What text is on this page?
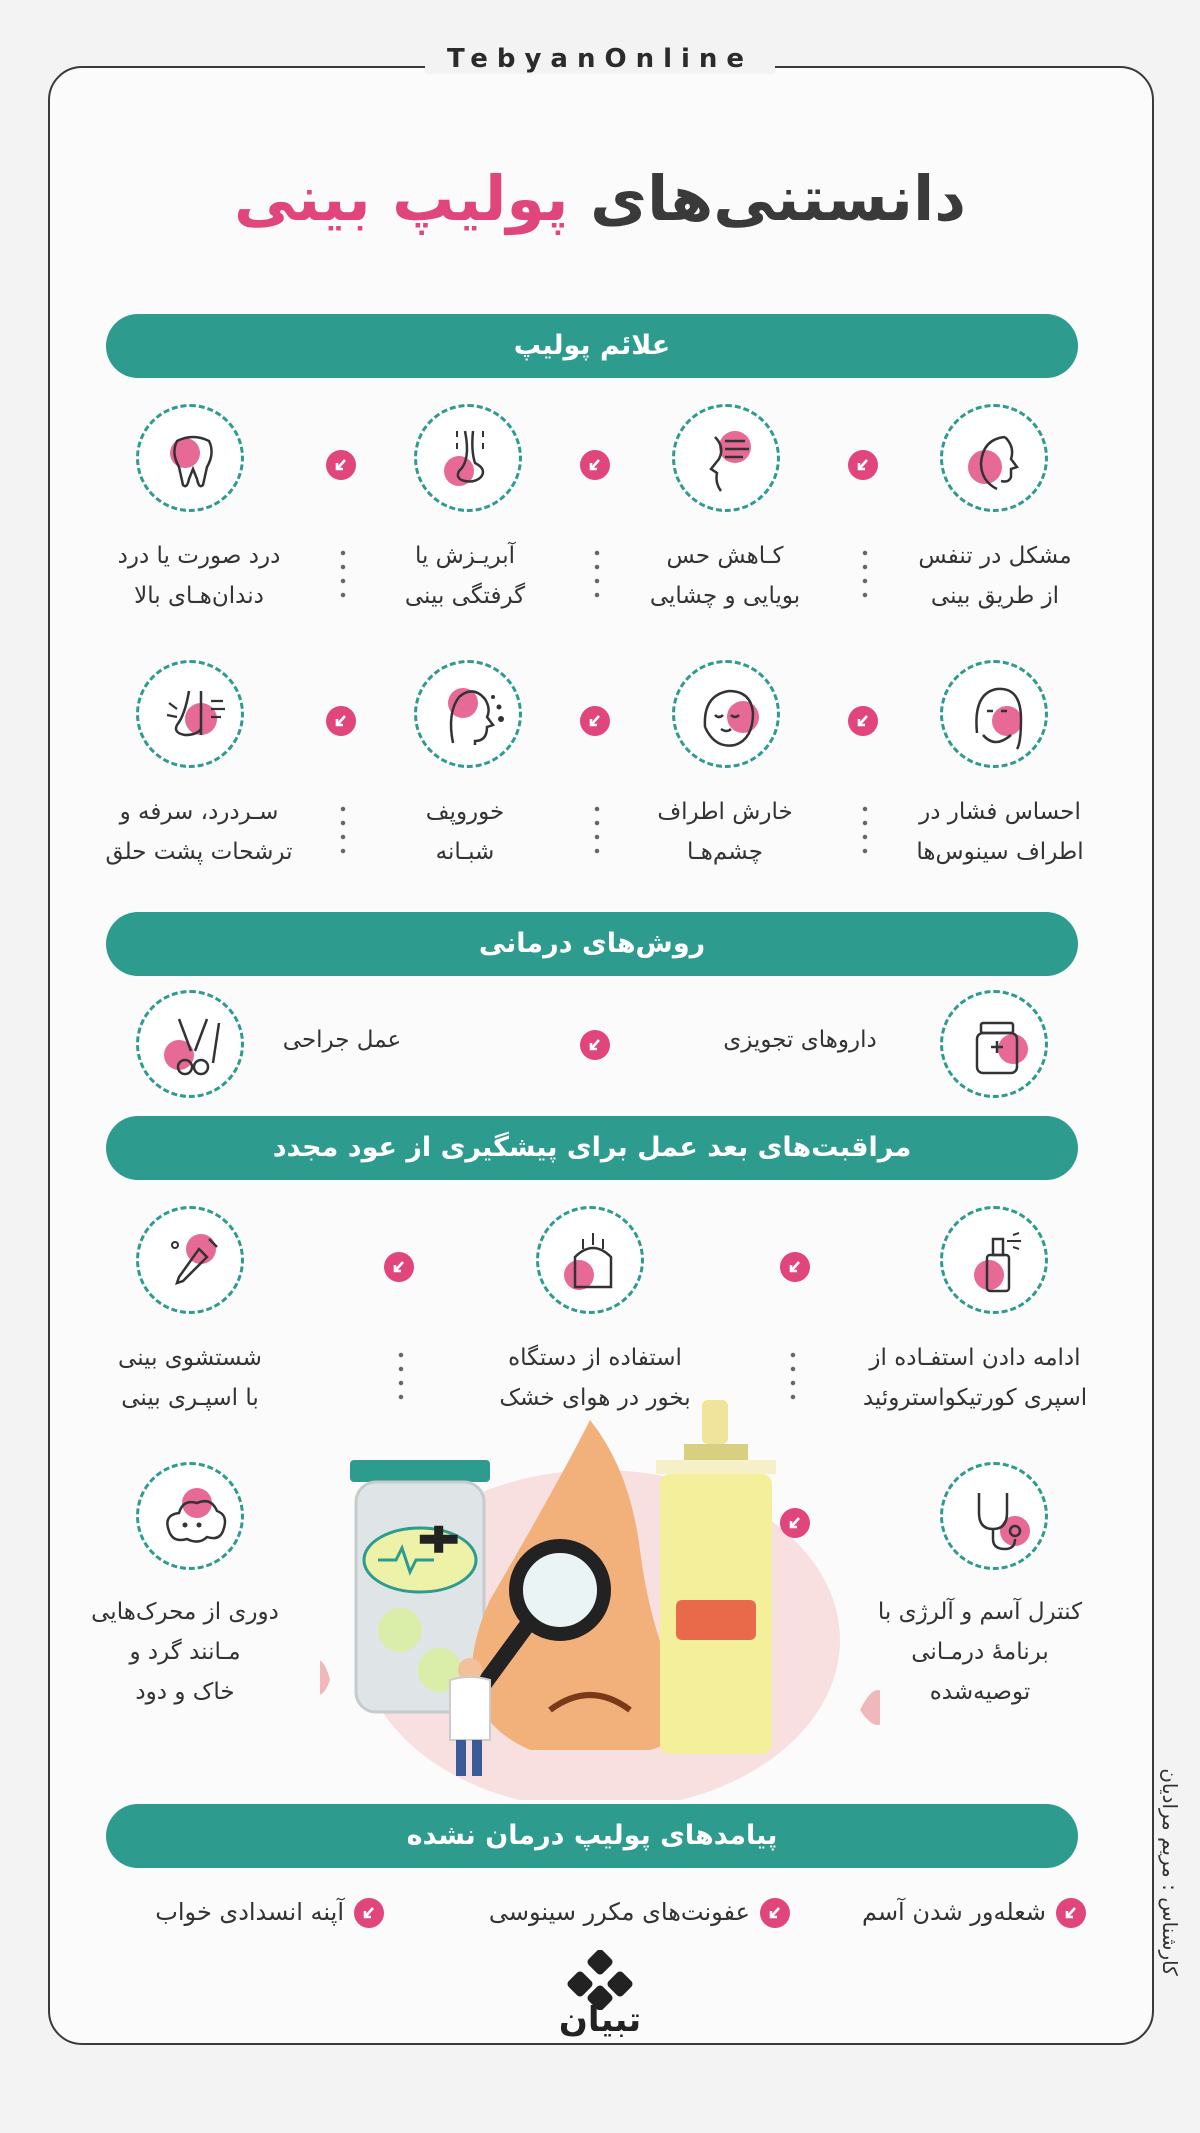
TebyanOnline
دانستنی‌های پولیپ بینی
علائم پولیپ
مشکل در تنفس
از طریق بینی
کـاهش حس
بویایی و چشایی
آبریـزش یا
گرفتگی بینی
درد صورت یا درد
دندان‌هـای بالا
احساس فشار در
اطراف سینوس‌ها
خارش اطراف
چشم‌هـا
خوروپف
شبـانه
سـردرد، سرفه و
ترشحات پشت حلق
روش‌های درمانی
داروهای تجویزی
عمل جراحی
مراقبت‌های بعد عمل برای پیشگیری از عود مجدد
ادامه دادن استفـاده از
اسپری کورتیکواستروئید
استفاده از دستگاه
بخور در هوای خشک
شستشوی بینی
با اسپـری بینی
کنترل آسم و آلرژی با
برنامهٔ درمـانی
توصیه‌شده
دوری از محرک‌هایی
مـانند گرد و
خاک و دود
پیامدهای پولیپ درمان نشده
شعله‌ور شدن آسم
عفونت‌های مکرر سینوسی
آپنه انسدادی خواب
تبیان
کارشناس : مریم مرادیان
